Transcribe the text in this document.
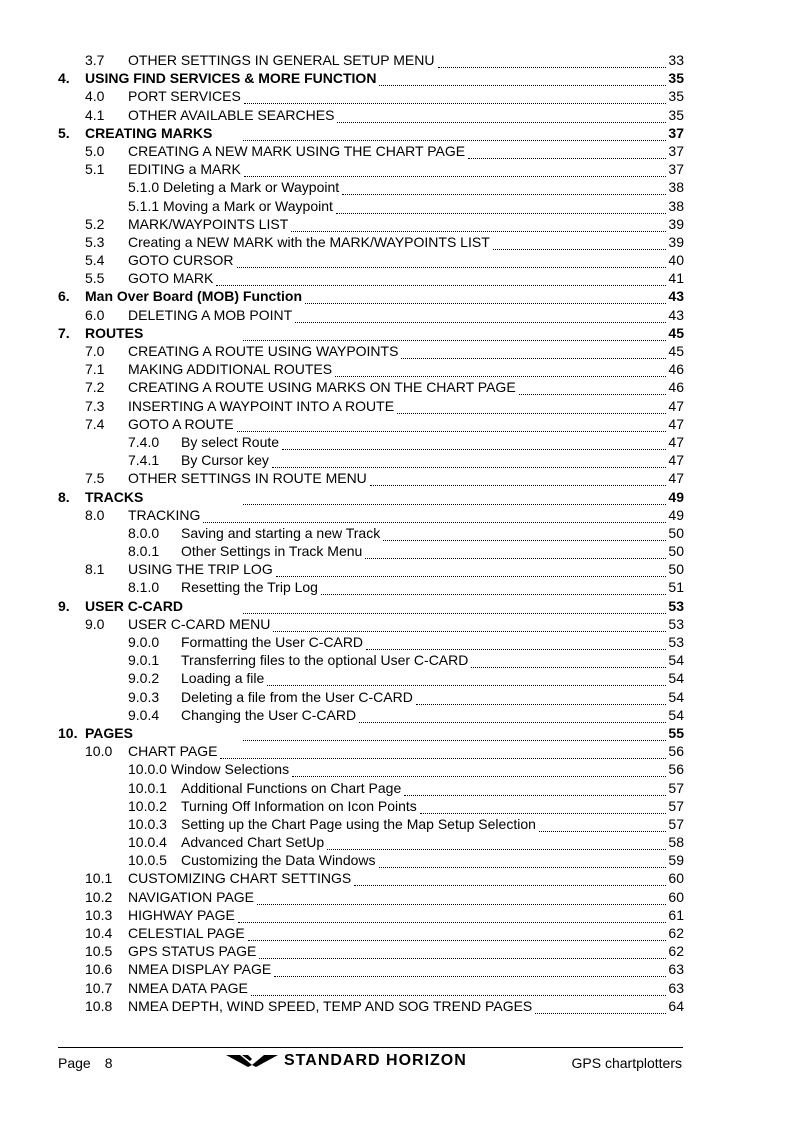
3.7 OTHER SETTINGS IN GENERAL SETUP MENU	33
4. USING FIND SERVICES & MORE FUNCTION	35
4.0 PORT SERVICES	35
4.1 OTHER AVAILABLE SEARCHES	35
5. CREATING MARKS	37
5.0 CREATING A NEW MARK USING THE CHART PAGE	37
5.1 EDITING a MARK	37
5.1.0 Deleting a Mark or Waypoint	38
5.1.1 Moving a Mark or Waypoint	38
5.2 MARK/WAYPOINTS LIST	39
5.3 Creating a NEW MARK with the MARK/WAYPOINTS LIST	39
5.4 GOTO CURSOR	40
5.5 GOTO MARK	41
6. Man Over Board (MOB) Function	43
6.0 DELETING A MOB POINT	43
7. ROUTES	45
7.0 CREATING A ROUTE USING WAYPOINTS	45
7.1 MAKING ADDITIONAL ROUTES	46
7.2 CREATING A ROUTE USING MARKS ON THE CHART PAGE	46
7.3 INSERTING A WAYPOINT INTO A ROUTE	47
7.4 GOTO A ROUTE	47
7.4.0 By select Route	47
7.4.1 By Cursor key	47
7.5 OTHER SETTINGS IN ROUTE MENU	47
8. TRACKS	49
8.0 TRACKING	49
8.0.0 Saving and starting a new Track	50
8.0.1 Other Settings in Track Menu	50
8.1 USING THE TRIP LOG	50
8.1.0 Resetting the Trip Log	51
9. USER C-CARD	53
9.0 USER C-CARD MENU	53
9.0.0 Formatting the User C-CARD	53
9.0.1 Transferring files to the optional User C-CARD	54
9.0.2 Loading a file	54
9.0.3 Deleting a file from the User C-CARD	54
9.0.4 Changing the User C-CARD	54
10. PAGES	55
10.0 CHART PAGE	56
10.0.0 Window Selections	56
10.0.1 Additional Functions on Chart Page	57
10.0.2 Turning Off Information on Icon Points	57
10.0.3 Setting up the Chart Page using the Map Setup Selection	57
10.0.4 Advanced Chart SetUp	58
10.0.5 Customizing the Data Windows	59
10.1 CUSTOMIZING CHART SETTINGS	60
10.2 NAVIGATION PAGE	60
10.3 HIGHWAY PAGE	61
10.4 CELESTIAL PAGE	62
10.5 GPS STATUS PAGE	62
10.6 NMEA DISPLAY PAGE	63
10.7 NMEA DATA PAGE	63
10.8 NMEA DEPTH, WIND SPEED, TEMP AND SOG TREND PAGES	64
Page 8	STANDARD HORIZON	GPS chartplotters
